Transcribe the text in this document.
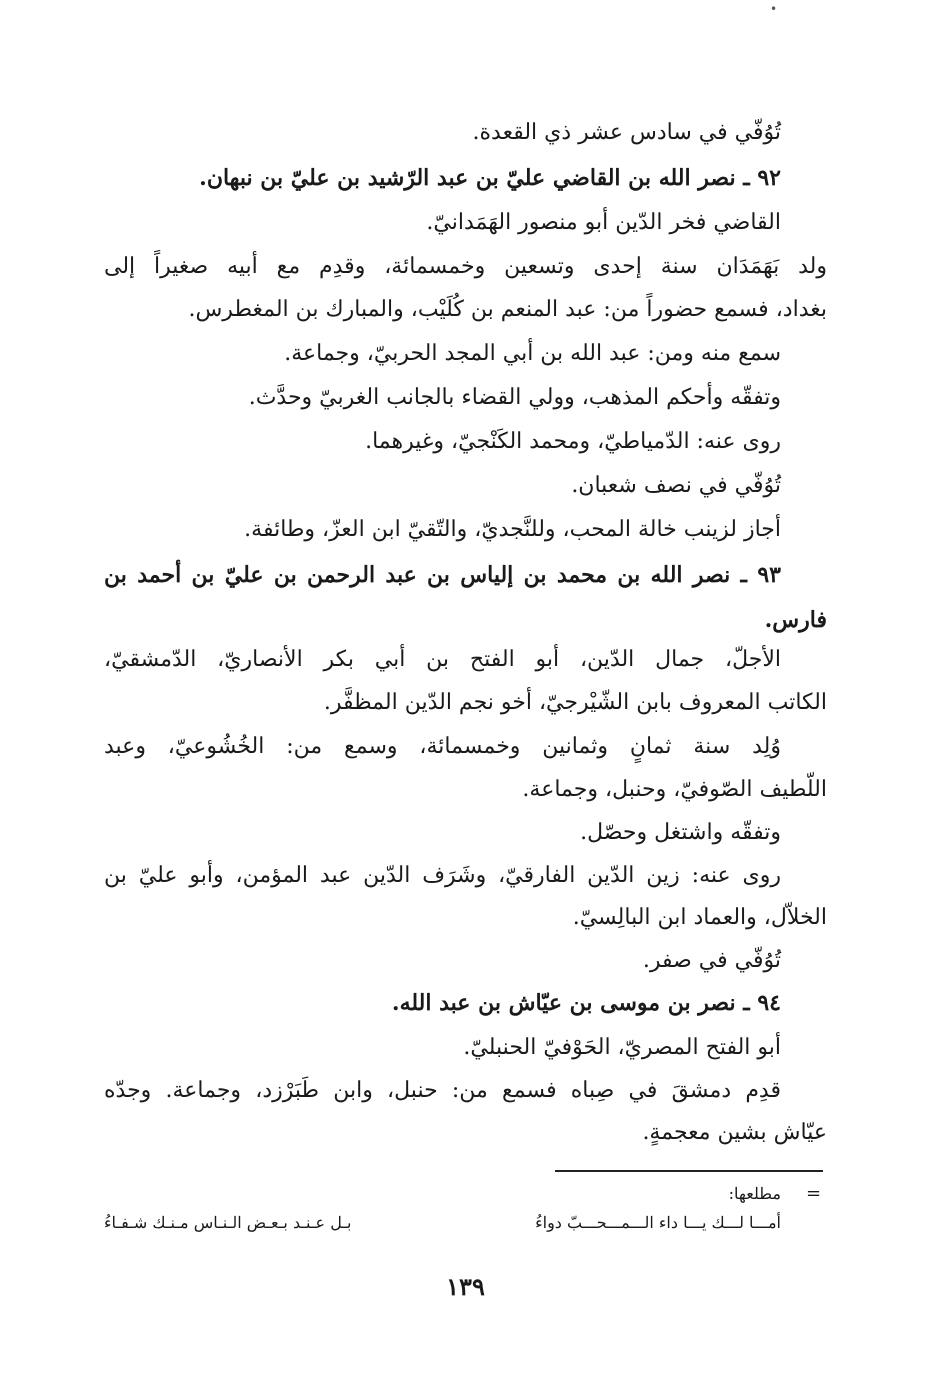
•
تُوُفّي في سادس عشر ذي القعدة.
٩٢ ـ نصر الله بن القاضي عليّ بن عبد الرّشيد بن عليّ بن نبهان.
القاضي فخر الدّين أبو منصور الهَمَدانيّ.
ولد بَهَمَدَان سنة إحدى وتسعين وخمسمائة، وقدِم مع أبيه صغيراً إلى
بغداد، فسمع حضوراً من: عبد المنعم بن كُلَيْب، والمبارك بن المغطرس.
سمع منه ومن: عبد الله بن أبي المجد الحربيّ، وجماعة.
وتفقّه وأحكم المذهب، وولي القضاء بالجانب الغربيّ وحدَّث.
روى عنه: الدّمياطيّ، ومحمد الكَنْجيّ، وغيرهما.
تُوُفّي في نصف شعبان.
أجاز لزينب خالة المحب، وللنَّجديّ، والتّقيّ ابن العزّ، وطائفة.
٩٣ ـ نصر الله بن محمد بن إلياس بن عبد الرحمن بن عليّ بن أحمد بن
فارس.
الأجلّ، جمال الدّين، أبو الفتح بن أبي بكر الأنصاريّ، الدّمشقيّ،
الكاتب المعروف بابن الشّيْرجيّ، أخو نجم الدّين المظفَّر.
وُلِد سنة ثمانٍ وثمانين وخمسمائة، وسمع من: الخُشُوعيّ، وعبد
اللّطيف الصّوفيّ، وحنبل، وجماعة.
وتفقّه واشتغل وحصّل.
روى عنه: زين الدّين الفارقيّ، وشَرَف الدّين عبد المؤمن، وأبو عليّ بن
الخلاّل، والعماد ابن البالِسيّ.
تُوُفّي في صفر.
٩٤ ـ نصر بن موسى بن عيّاش بن عبد الله.
أبو الفتح المصريّ، الحَوْفيّ الحنبليّ.
قدِم دمشقَ في صِباه فسمع من: حنبل، وابن طَبَرْزد، وجماعة. وجدّه
عيّاش بشين معجمةٍ.
=
مطلعها:
أمـــا لـــك يـــا داء الـــمـــحـــبّ دواءُ
بـل عـنـد بـعـض الـنـاس مـنـك شـفـاءُ
١٣٩
